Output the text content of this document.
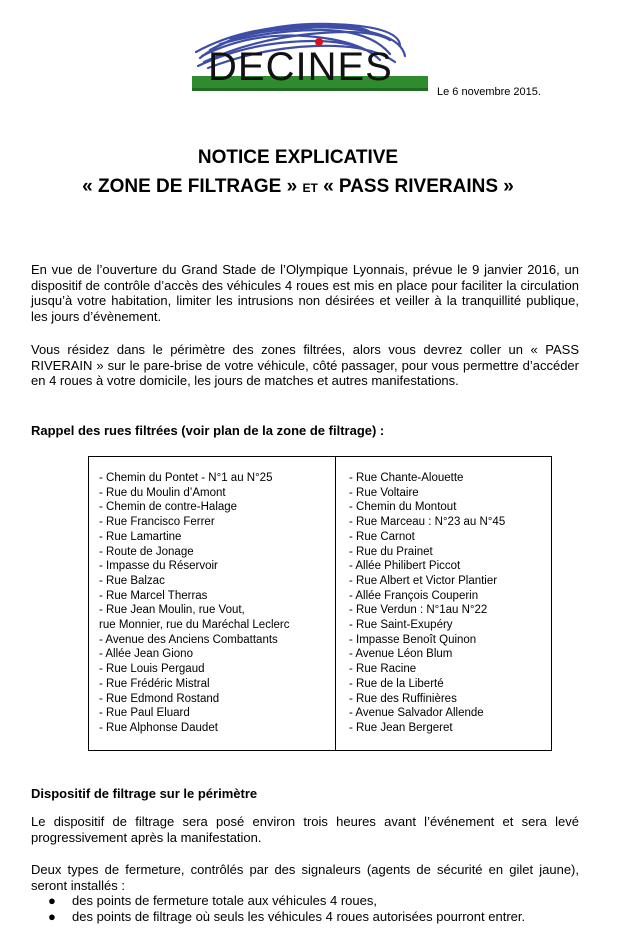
DECINES
Le 6 novembre 2015.
NOTICE EXPLICATIVE
« ZONE DE FILTRAGE » ET « PASS RIVERAINS »
En vue de l’ouverture du Grand Stade de l’Olympique Lyonnais, prévue le 9 janvier 2016, un dispositif de contrôle d’accès des véhicules 4 roues est mis en place pour faciliter la circulation jusqu’à votre habitation, limiter les intrusions non désirées et veiller à la tranquillité publique, les jours d’évènement.
Vous résidez dans le périmètre des zones filtrées, alors vous devrez coller un « PASS RIVERAIN » sur le pare-brise de votre véhicule, côté passager, pour vous permettre d’accéder en 4 roues à votre domicile, les jours de matches et autres manifestations.
Rappel des rues filtrées (voir plan de la zone de filtrage) :
- Chemin du Pontet - N°1 au N°25
- Rue du Moulin d’Amont
- Chemin de contre-Halage
- Rue Francisco Ferrer
- Rue Lamartine
- Route de Jonage
- Impasse du Réservoir
- Rue Balzac
- Rue Marcel Therras
- Rue Jean Moulin, rue Vout,
rue Monnier, rue du Maréchal Leclerc
- Avenue des Anciens Combattants
- Allée Jean Giono
- Rue Louis Pergaud
- Rue Frédéric Mistral
- Rue Edmond Rostand
- Rue Paul Eluard
- Rue Alphonse Daudet
- Rue Chante-Alouette
- Rue Voltaire
- Chemin du Montout
- Rue Marceau : N°23 au N°45
- Rue Carnot
- Rue du Prainet
- Allée Philibert Piccot
- Rue Albert et Victor Plantier
- Allée François Couperin
- Rue Verdun : N°1au N°22
- Rue Saint-Exupéry
- Impasse Benoît Quinon
- Avenue Léon Blum
- Rue Racine
- Rue de la Liberté
- Rue des Ruffinières
- Avenue Salvador Allende
- Rue Jean Bergeret
Dispositif de filtrage sur le périmètre
Le dispositif de filtrage sera posé environ trois heures avant l’événement et sera levé progressivement après la manifestation.
Deux types de fermeture, contrôlés par des signaleurs (agents de sécurité en gilet jaune), seront installés :
● des points de fermeture totale aux véhicules 4 roues,
● des points de filtrage où seuls les véhicules 4 roues autorisées pourront entrer.
